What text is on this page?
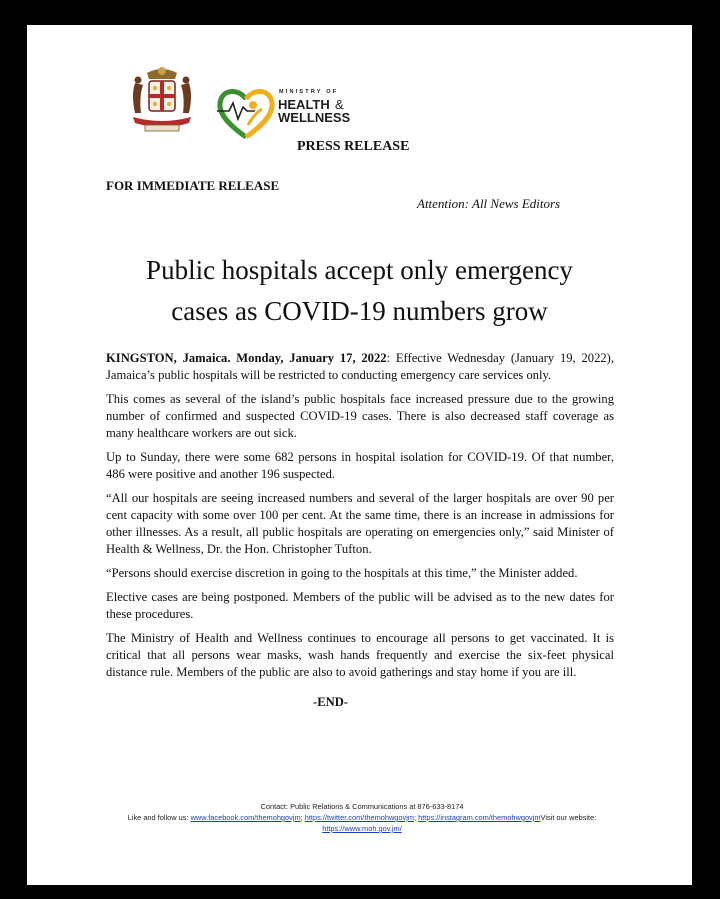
MINISTRY OF
HEALTH &
WELLNESS
PRESS RELEASE
FOR IMMEDIATE RELEASE
Attention: All News Editors
Public hospitals accept only emergency
cases as COVID-19 numbers grow

KINGSTON, Jamaica. Monday, January 17, 2022: Effective Wednesday (January 19, 2022), Jamaica’s public hospitals will be restricted to conducting emergency care services only.

This comes as several of the island’s public hospitals face increased pressure due to the growing number of confirmed and suspected COVID-19 cases. There is also decreased staff coverage as many healthcare workers are out sick.

Up to Sunday, there were some 682 persons in hospital isolation for COVID-19. Of that number, 486 were positive and another 196 suspected.

“All our hospitals are seeing increased numbers and several of the larger hospitals are over 90 per cent capacity with some over 100 per cent. At the same time, there is an increase in admissions for other illnesses. As a result, all public hospitals are operating on emergencies only,” said Minister of Health & Wellness, Dr. the Hon. Christopher Tufton.

“Persons should exercise discretion in going to the hospitals at this time,” the Minister added.

Elective cases are being postponed. Members of the public will be advised as to the new dates for these procedures.

The Ministry of Health and Wellness continues to encourage all persons to get vaccinated. It is critical that all persons wear masks, wash hands frequently and exercise the six-feet physical distance rule. Members of the public are also to avoid gatherings and stay home if you are ill.

-END-
Contact: Public Relations & Communications at 876-633-8174
Like and follow us: www.facebook.com/themohgovjm; https://twitter.com/themohwgovjm; https://instagram.com/themohwgovjmVisit our website: https://www.moh.gov.jm/
